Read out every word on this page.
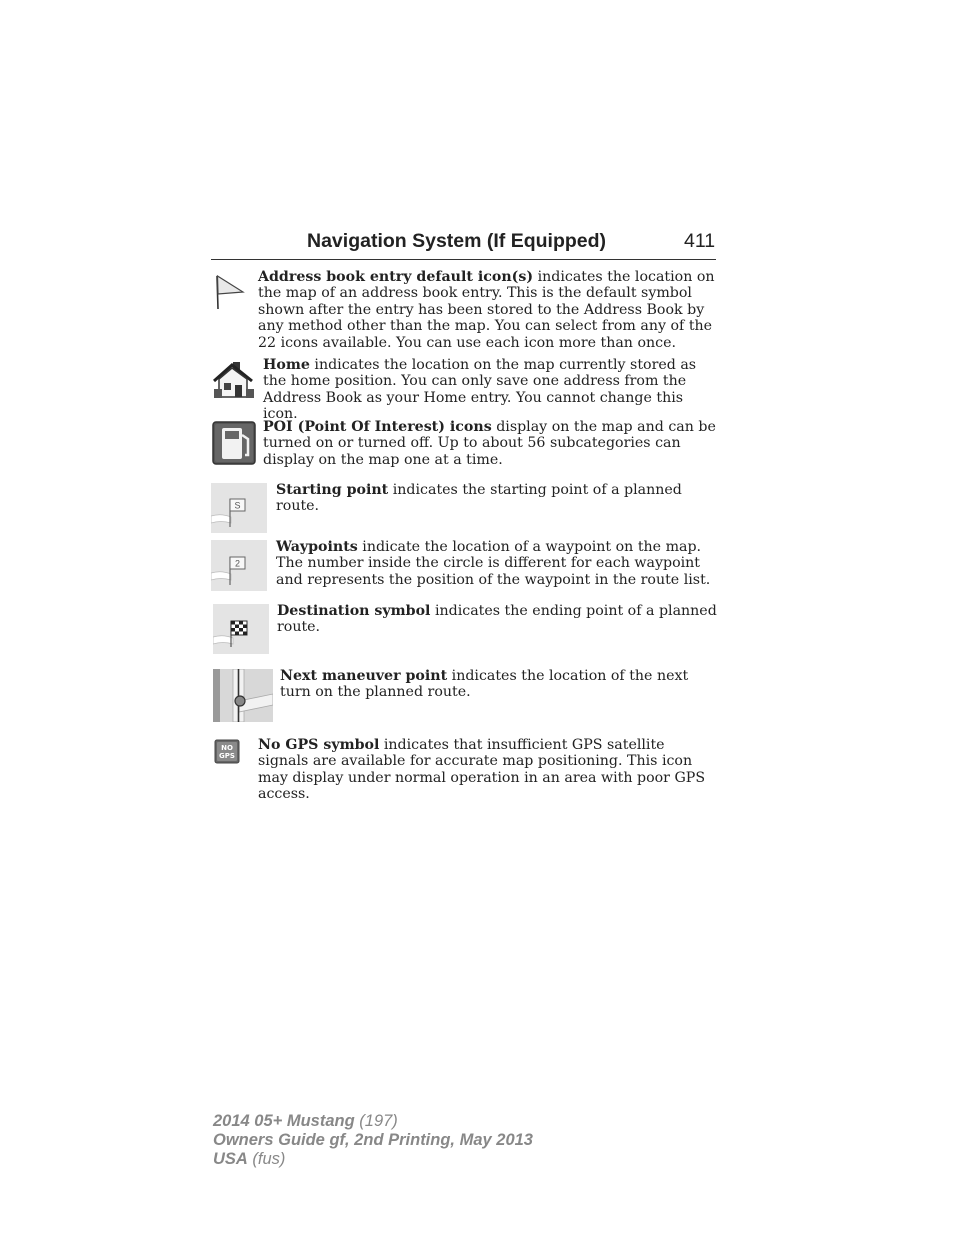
Navigation System (If Equipped)	411

Address book entry default icon(s) indicates the location on the map of an address book entry. This is the default symbol shown after the entry has been stored to the Address Book by any method other than the map. You can select from any of the 22 icons available. You can use each icon more than once.

Home indicates the location on the map currently stored as the home position. You can only save one address from the Address Book as your Home entry. You cannot change this icon.

POI (Point Of Interest) icons display on the map and can be turned on or turned off. Up to about 56 subcategories can display on the map one at a time.

S

Starting point indicates the starting point of a planned route.

2

Waypoints indicate the location of a waypoint on the map. The number inside the circle is different for each waypoint and represents the position of the waypoint in the route list.

Destination symbol indicates the ending point of a planned route.

Next maneuver point indicates the location of the next turn on the planned route.

NO
GPS

No GPS symbol indicates that insufficient GPS satellite signals are available for accurate map positioning. This icon may display under normal operation in an area with poor GPS access.

2014 05+ Mustang (197)
Owners Guide gf, 2nd Printing, May 2013
USA (fus)
